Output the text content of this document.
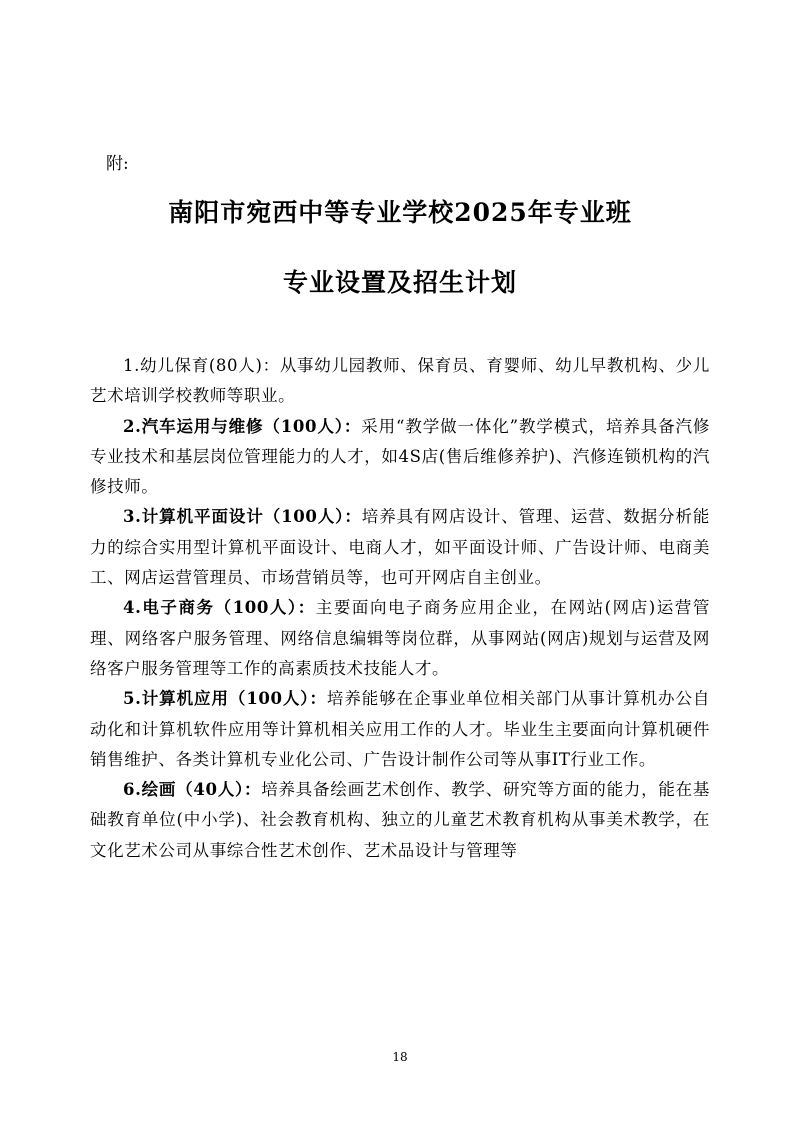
附:
南阳市宛西中等专业学校2025年专业班
专业设置及招生计划

1.幼儿保育(80人)：从事幼儿园教师、保育员、育婴师、幼儿早教机构、少儿艺术培训学校教师等职业。

2.汽车运用与维修（100人）：采用“教学做一体化”教学模式，培养具备汽修专业技术和基层岗位管理能力的人才，如4S店(售后维修养护)、汽修连锁机构的汽修技师。

3.计算机平面设计（100人）：培养具有网店设计、管理、运营、数据分析能力的综合实用型计算机平面设计、电商人才，如平面设计师、广告设计师、电商美工、网店运营管理员、市场营销员等，也可开网店自主创业。

4.电子商务（100人）：主要面向电子商务应用企业，在网站(网店)运营管理、网络客户服务管理、网络信息编辑等岗位群，从事网站(网店)规划与运营及网络客户服务管理等工作的高素质技术技能人才。

5.计算机应用（100人）：培养能够在企事业单位相关部门从事计算机办公自动化和计算机软件应用等计算机相关应用工作的人才。毕业生主要面向计算机硬件销售维护、各类计算机专业化公司、广告设计制作公司等从事IT行业工作。

6.绘画（40人）：培养具备绘画艺术创作、教学、研究等方面的能力，能在基础教育单位(中小学)、社会教育机构、独立的儿童艺术教育机构从事美术教学，在文化艺术公司从事综合性艺术创作、艺术品设计与管理等

18
